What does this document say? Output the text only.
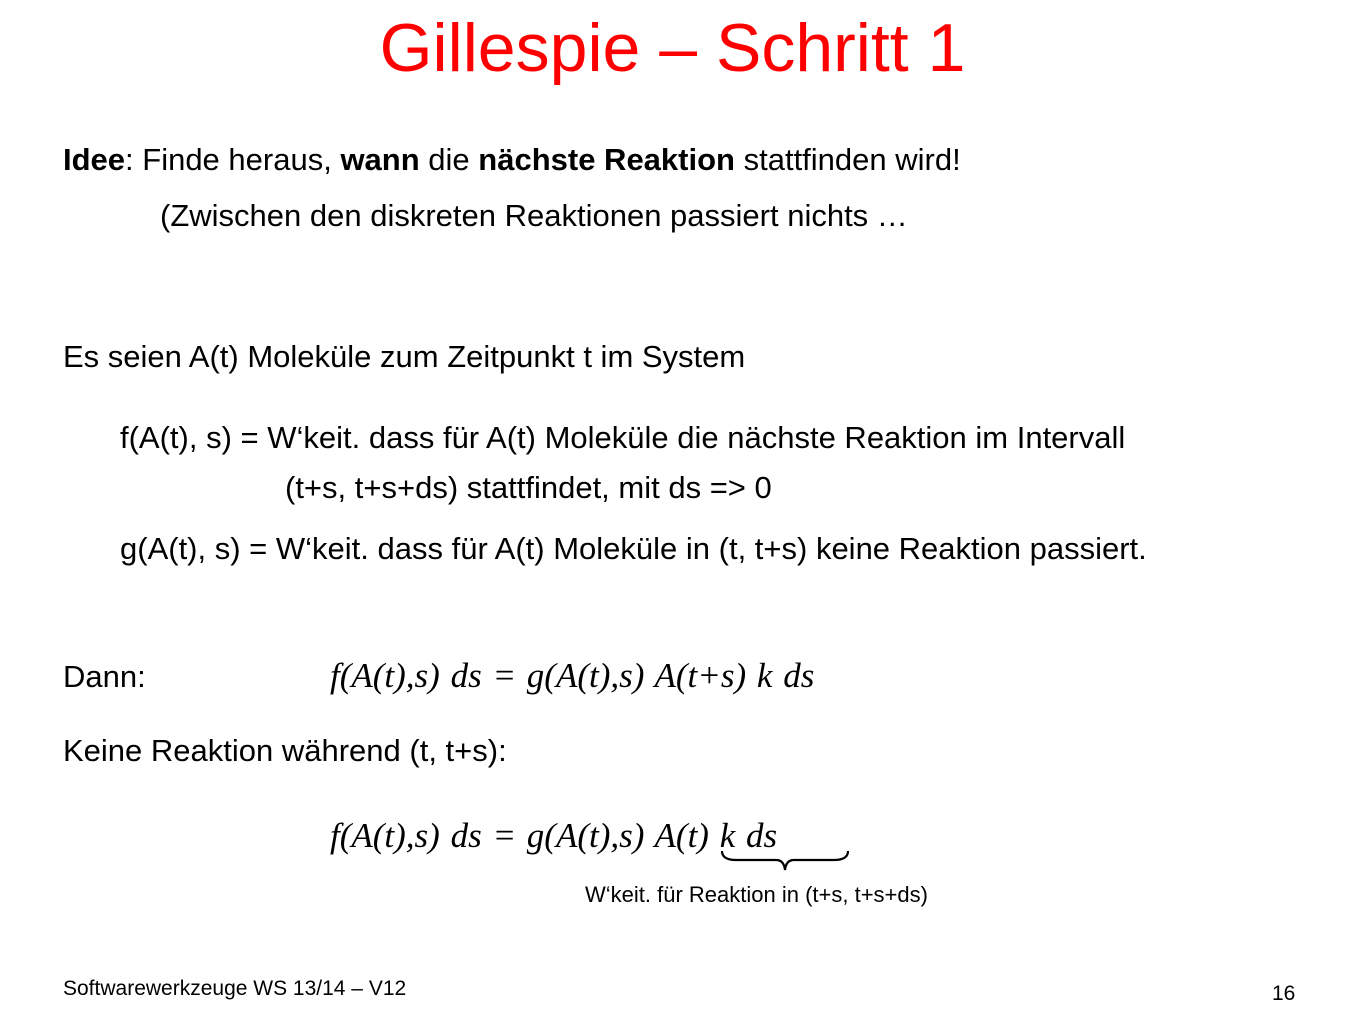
Gillespie – Schritt 1
Idee: Finde heraus, wann die nächste Reaktion stattfinden wird!
(Zwischen den diskreten Reaktionen passiert nichts …
Es seien A(t) Moleküle zum Zeitpunkt t im System
f(A(t), s) = W‘keit. dass für A(t) Moleküle die nächste Reaktion im Intervall
(t+s, t+s+ds) stattfindet, mit ds => 0
g(A(t), s) = W‘keit. dass für A(t) Moleküle in (t, t+s) keine Reaktion passiert.
Dann:	f(A(t),s) ds = g(A(t),s) A(t+s) k ds
Keine Reaktion während (t, t+s):
f(A(t),s) ds = g(A(t),s) A(t) k ds
W‘keit. für Reaktion in (t+s, t+s+ds)
Softwarewerkzeuge WS 13/14 – V12	16
